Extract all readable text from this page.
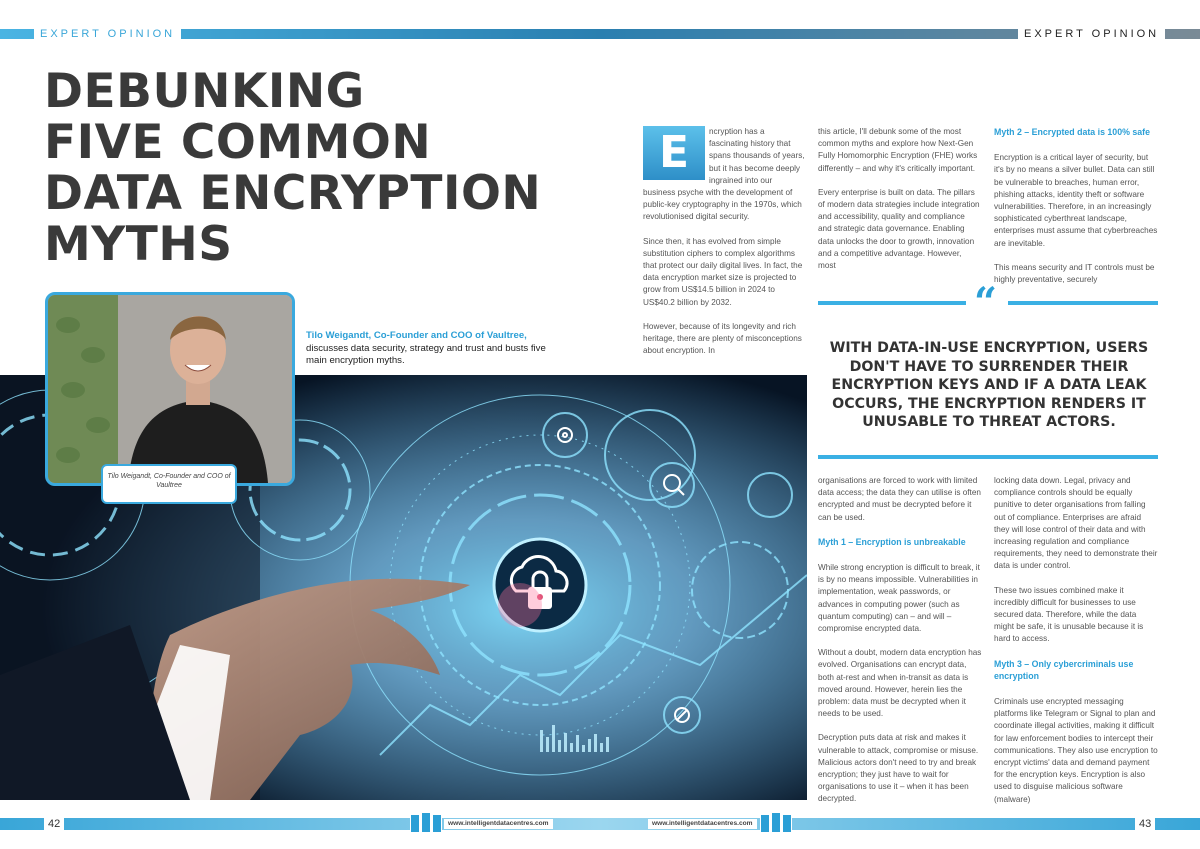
EXPERT OPINION	EXPERT OPINION
DEBUNKING
FIVE COMMON
DATA ENCRYPTION
MYTHS
Tilo Weigandt, Co-Founder and COO of Vaultree
Tilo Weigandt, Co-Founder and COO of Vaultree,
discusses data security, strategy and trust and busts five main encryption myths.
E	ncryption has a fascinating history that spans thousands of years, but it has become deeply ingrained into our business psyche with the development of public-key cryptography in the 1970s, which revolutionised digital security.

Since then, it has evolved from simple substitution ciphers to complex algorithms that protect our daily digital lives. In fact, the data encryption market size is projected to grow from US$14.5 billion in 2024 to US$40.2 billion by 2032.

However, because of its longevity and rich heritage, there are plenty of misconceptions about encryption. In

this article, I'll debunk some of the most common myths and explore how Next-Gen Fully Homomorphic Encryption (FHE) works differently – and why it's critically important.

Every enterprise is built on data. The pillars of modern data strategies include integration and accessibility, quality and compliance and strategic data governance. Enabling data unlocks the door to growth, innovation and a competitive advantage. However, most

Myth 2 – Encrypted data is 100% safe

Encryption is a critical layer of security, but it's by no means a silver bullet. Data can still be vulnerable to breaches, human error, phishing attacks, identity theft or software vulnerabilities. Therefore, in an increasingly sophisticated cyberthreat landscape, enterprises must assume that cyberbreaches are inevitable.

This means security and IT controls must be highly preventative, securely

“

WITH DATA-IN-USE ENCRYPTION, USERS DON'T HAVE TO SURRENDER THEIR ENCRYPTION KEYS AND IF A DATA LEAK OCCURS, THE ENCRYPTION RENDERS IT UNUSABLE TO THREAT ACTORS.

organisations are forced to work with limited data access; the data they can utilise is often encrypted and must be decrypted before it can be used.

Myth 1 – Encryption is unbreakable

While strong encryption is difficult to break, it is by no means impossible. Vulnerabilities in implementation, weak passwords, or advances in computing power (such as quantum computing) can – and will – compromise encrypted data.

Without a doubt, modern data encryption has evolved. Organisations can encrypt data, both at-rest and when in-transit as data is moved around. However, herein lies the problem: data must be decrypted when it needs to be used.

Decryption puts data at risk and makes it vulnerable to attack, compromise or misuse. Malicious actors don't need to try and break encryption; they just have to wait for organisations to use it – when it has been decrypted.

locking data down. Legal, privacy and compliance controls should be equally punitive to deter organisations from falling out of compliance. Enterprises are afraid they will lose control of their data and with increasing regulation and compliance requirements, they need to demonstrate their data is under control.

These two issues combined make it incredibly difficult for businesses to use secured data. Therefore, while the data might be safe, it is unusable because it is hard to access.

Myth 3 – Only cybercriminals use encryption

Criminals use encrypted messaging platforms like Telegram or Signal to plan and coordinate illegal activities, making it difficult for law enforcement bodies to intercept their communications. They also use encryption to encrypt victims' data and demand payment for the encryption keys. Encryption is also used to disguise malicious software (malware)

42	43
www.intelligentdatacentres.com	www.intelligentdatacentres.com
